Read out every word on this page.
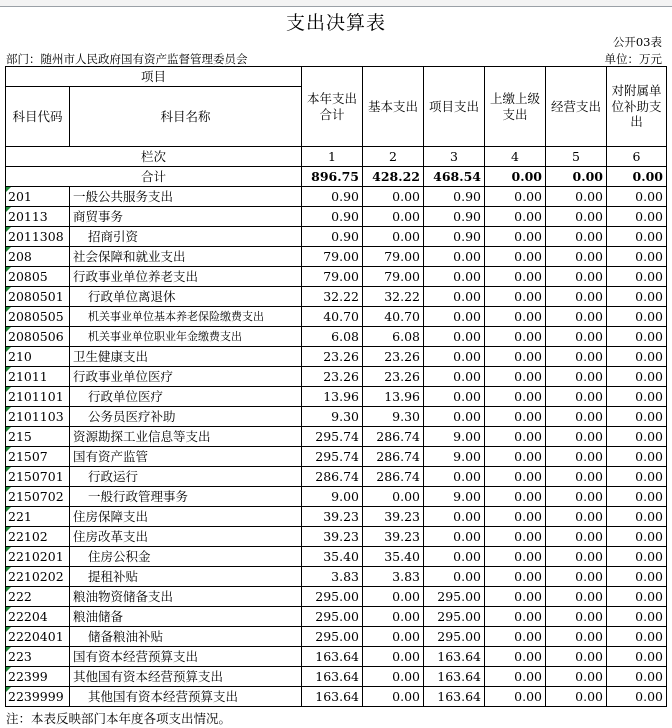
支出决算表
公开03表
部门：随州市人民政府国有资产监督管理委员会	单位：万元
项目		本年支出合计	基本支出	项目支出	上缴上级支出	经营支出	对附属单位补助支出
科目代码	科目名称						

栏次		1	2	3	4	5	6
合计		896.75	428.22	468.54	0.00	0.00	0.00

201	一般公共服务支出	0.90	0.00	0.90	0.00	0.00	0.00

20113	商贸事务	0.90	0.00	0.90	0.00	0.00	0.00

2011308	招商引资	0.90	0.00	0.90	0.00	0.00	0.00

208	社会保障和就业支出	79.00	79.00	0.00	0.00	0.00	0.00

20805	行政事业单位养老支出	79.00	79.00	0.00	0.00	0.00	0.00

2080501	行政单位离退休	32.22	32.22	0.00	0.00	0.00	0.00

2080505	机关事业单位基本养老保险缴费支出	40.70	40.70	0.00	0.00	0.00	0.00

2080506	机关事业单位职业年金缴费支出	6.08	6.08	0.00	0.00	0.00	0.00

210	卫生健康支出	23.26	23.26	0.00	0.00	0.00	0.00

21011	行政事业单位医疗	23.26	23.26	0.00	0.00	0.00	0.00

2101101	行政单位医疗	13.96	13.96	0.00	0.00	0.00	0.00

2101103	公务员医疗补助	9.30	9.30	0.00	0.00	0.00	0.00

215	资源勘探工业信息等支出	295.74	286.74	9.00	0.00	0.00	0.00

21507	国有资产监管	295.74	286.74	9.00	0.00	0.00	0.00

2150701	行政运行	286.74	286.74	0.00	0.00	0.00	0.00

2150702	一般行政管理事务	9.00	0.00	9.00	0.00	0.00	0.00

221	住房保障支出	39.23	39.23	0.00	0.00	0.00	0.00

22102	住房改革支出	39.23	39.23	0.00	0.00	0.00	0.00

2210201	住房公积金	35.40	35.40	0.00	0.00	0.00	0.00

2210202	提租补贴	3.83	3.83	0.00	0.00	0.00	0.00

222	粮油物资储备支出	295.00	0.00	295.00	0.00	0.00	0.00

22204	粮油储备	295.00	0.00	295.00	0.00	0.00	0.00

2220401	储备粮油补贴	295.00	0.00	295.00	0.00	0.00	0.00

223	国有资本经营预算支出	163.64	0.00	163.64	0.00	0.00	0.00

22399	其他国有资本经营预算支出	163.64	0.00	163.64	0.00	0.00	0.00

2239999	其他国有资本经营预算支出	163.64	0.00	163.64	0.00	0.00	0.00
注：本表反映部门本年度各项支出情况。
